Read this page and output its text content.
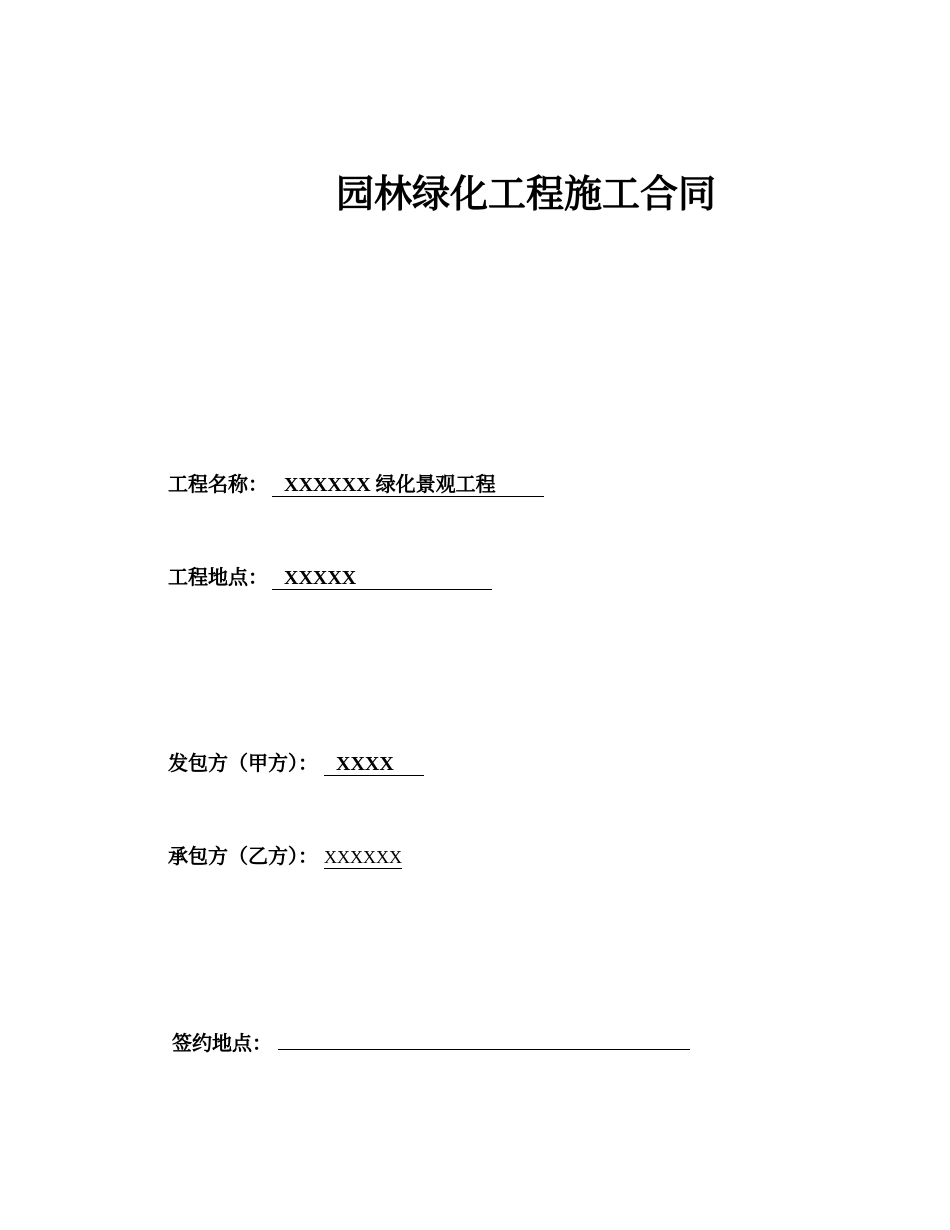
园林绿化工程施工合同
工程名称： XXXXXX 绿化景观工程
工程地点： XXXXX
发包方（甲方）： XXXX
承包方（乙方）： XXXXXX
签约地点：
